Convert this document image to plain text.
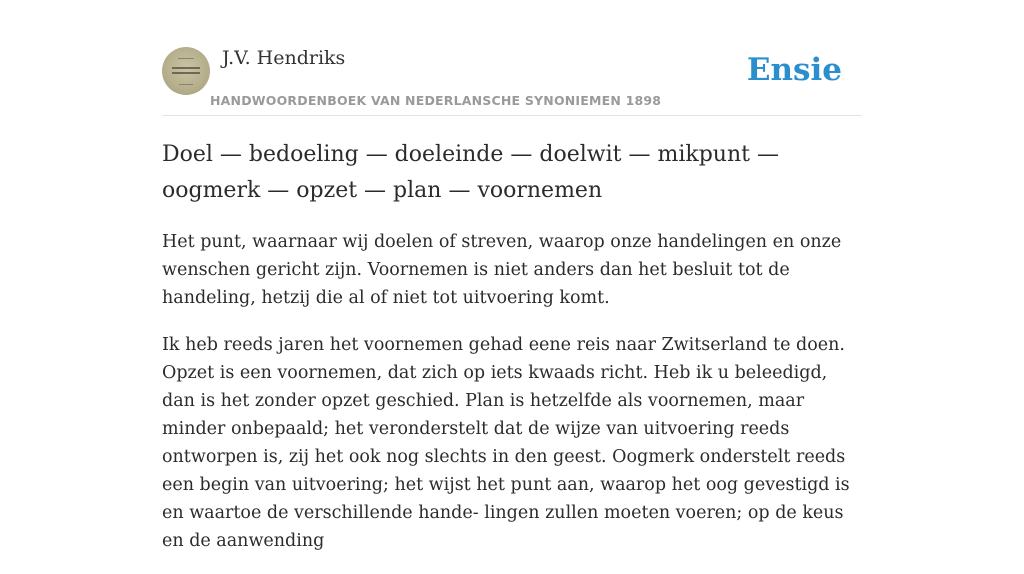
J.V. Hendriks
HANDWOORDENBOEK VAN NEDERLANSCHE SYNONIEMEN 1898
Ensie
Doel — bedoeling — doeleinde — doelwit — mikpunt — oogmerk — opzet — plan — voornemen

Het punt, waarnaar wij doelen of streven, waarop onze handelingen en onze wenschen gericht zijn. Voornemen is niet anders dan het besluit tot de handeling, hetzij die al of niet tot uitvoering komt.

Ik heb reeds jaren het voornemen gehad eene reis naar Zwitserland te doen. Opzet is een voornemen, dat zich op iets kwaads richt. Heb ik u beleedigd, dan is het zonder opzet geschied. Plan is hetzelfde als voornemen, maar minder onbepaald; het veronderstelt dat de wijze van uitvoering reeds ontworpen is, zij het ook nog slechts in den geest. Oogmerk onderstelt reeds een begin van uitvoering; het wijst het punt aan, waarop het oog gevestigd is en waartoe de verschillende hande- lingen zullen moeten voeren; op de keus en de aanwending
